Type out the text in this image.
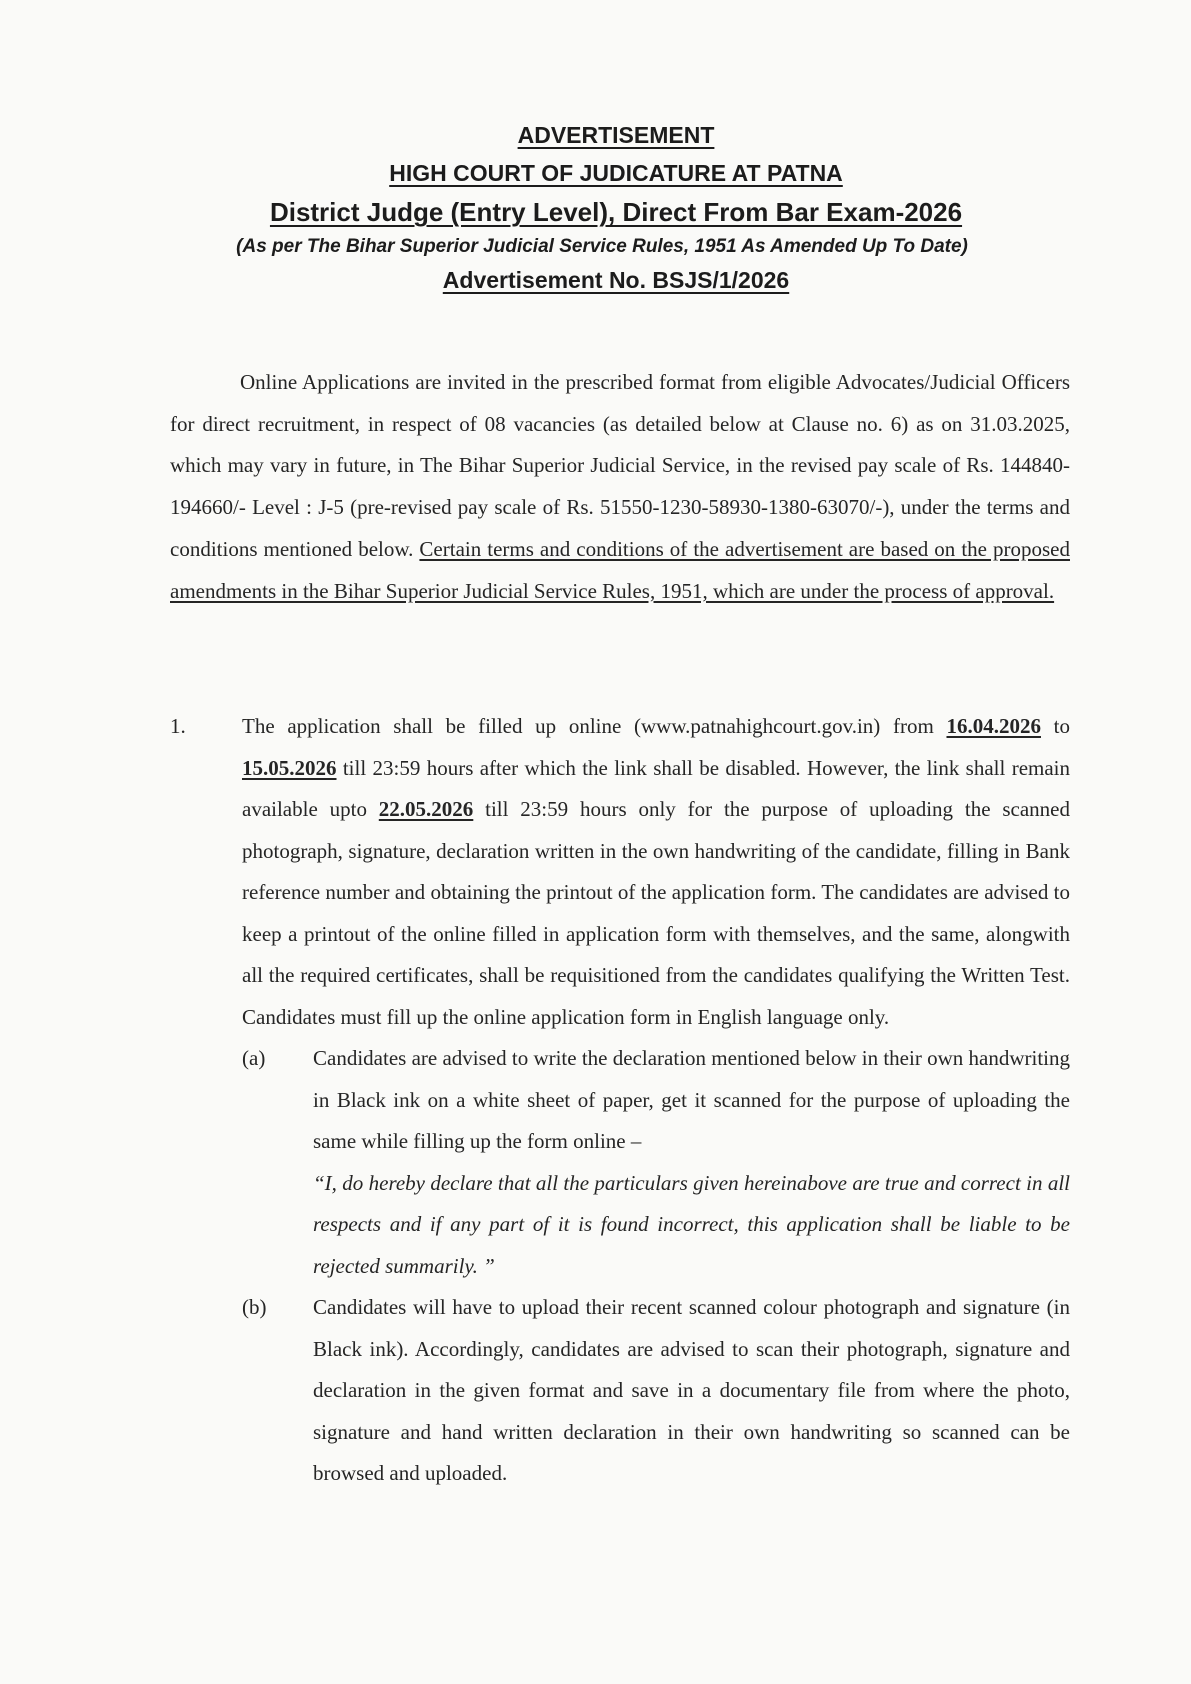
ADVERTISEMENT
HIGH COURT OF JUDICATURE AT PATNA
District Judge (Entry Level), Direct From Bar Exam-2026
(As per The Bihar Superior Judicial Service Rules, 1951 As Amended Up To Date)
Advertisement No. BSJS/1/2026

Online Applications are invited in the prescribed format from eligible Advocates/Judicial Officers for direct recruitment, in respect of 08 vacancies (as detailed below at Clause no. 6) as on 31.03.2025, which may vary in future, in The Bihar Superior Judicial Service, in the revised pay scale of Rs. 144840-194660/- Level : J-5 (pre-revised pay scale of Rs. 51550-1230-58930-1380-63070/-), under the terms and conditions mentioned below. Certain terms and conditions of the advertisement are based on the proposed amendments in the Bihar Superior Judicial Service Rules, 1951, which are under the process of approval.

1.	The application shall be filled up online (www.patnahighcourt.gov.in) from 16.04.2026 to 15.05.2026 till 23:59 hours after which the link shall be disabled. However, the link shall remain available upto 22.05.2026 till 23:59 hours only for the purpose of uploading the scanned photograph, signature, declaration written in the own handwriting of the candidate, filling in Bank reference number and obtaining the printout of the application form. The candidates are advised to keep a printout of the online filled in application form with themselves, and the same, alongwith all the required certificates, shall be requisitioned from the candidates qualifying the Written Test. Candidates must fill up the online application form in English language only.
(a) Candidates are advised to write the declaration mentioned below in their own handwriting in Black ink on a white sheet of paper, get it scanned for the purpose of uploading the same while filling up the form online –
“I, do hereby declare that all the particulars given hereinabove are true and correct in all respects and if any part of it is found incorrect, this application shall be liable to be rejected summarily. ”
(b) Candidates will have to upload their recent scanned colour photograph and signature (in Black ink). Accordingly, candidates are advised to scan their photograph, signature and declaration in the given format and save in a documentary file from where the photo, signature and hand written declaration in their own handwriting so scanned can be browsed and uploaded.
